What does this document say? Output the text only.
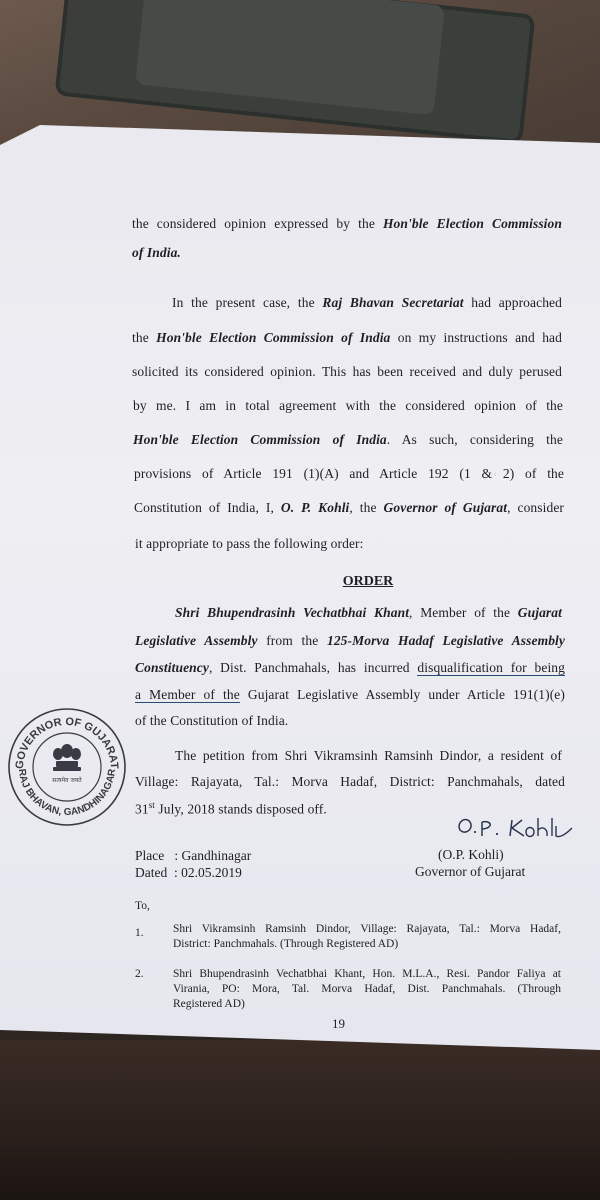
the considered opinion expressed by the Hon'ble Election Commission
of India.
In the present case, the Raj Bhavan Secretariat had approached
the Hon'ble Election Commission of India on my instructions and had
solicited its considered opinion. This has been received and duly perused
by me. I am in total agreement with the considered opinion of the
Hon'ble Election Commission of India. As such, considering the
provisions of Article 191 (1)(A) and Article 192 (1 & 2) of the
Constitution of India, I, O. P. Kohli, the Governor of Gujarat, consider
it appropriate to pass the following order:
ORDER
Shri Bhupendrasinh Vechatbhai Khant, Member of the Gujarat
Legislative Assembly from the 125-Morva Hadaf Legislative Assembly
Constituency, Dist. Panchmahals, has incurred disqualification for being
a Member of the Gujarat Legislative Assembly under Article 191(1)(e)
of the Constitution of India.
The petition from Shri Vikramsinh Ramsinh Dindor, a resident of
Village: Rajayata, Tal.: Morva Hadaf, District: Panchmahals, dated
31st July, 2018 stands disposed off.
GOVERNOR OF GUJARAT
RAJ BHAVAN, GANDHINAGAR
सत्यमेव जयते
Place   : Gandhinagar
Dated  : 02.05.2019
(O.P. Kohli)
Governor of Gujarat
To,
1.	Shri Vikramsinh Ramsinh Dindor, Village: Rajayata, Tal.: Morva Hadaf,
District: Panchmahals. (Through Registered AD)
2.	Shri Bhupendrasinh Vechatbhai Khant, Hon. M.L.A., Resi. Pandor Faliya at
Virania, PO: Mora, Tal. Morva Hadaf, Dist. Panchmahals. (Through
Registered AD)
19
